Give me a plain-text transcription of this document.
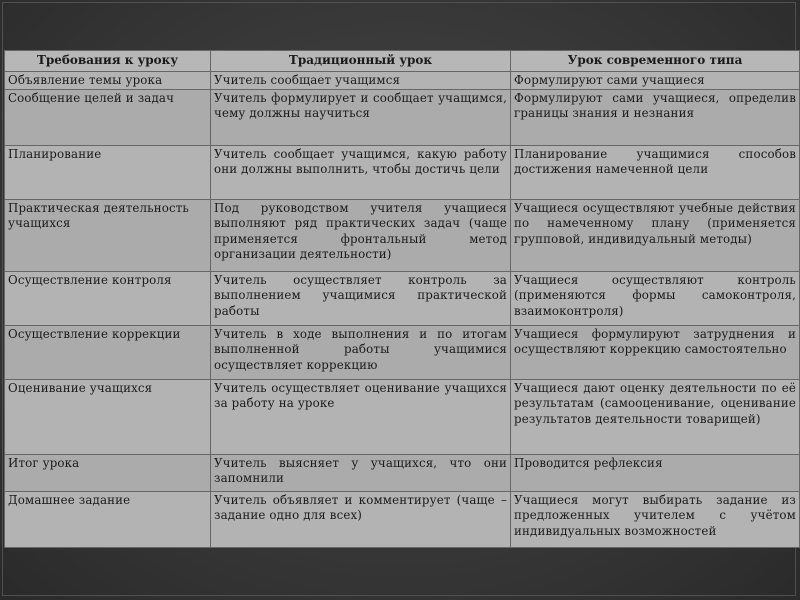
Требования к уроку	Традиционный урок	Урок современного типа
Объявление темы урока	Учитель сообщает учащимся	Формулируют сами учащиеся
Сообщение целей и задач	Учитель формулирует и сообщает учащимся, чему должны научиться	Формулируют сами учащиеся, определив границы знания и незнания
Планирование	Учитель сообщает учащимся, какую работу они должны выполнить, чтобы достичь цели	Планирование учащимися способов достижения намеченной цели
Практическая деятельность учащихся	Под руководством учителя учащиеся выполняют ряд практических задач (чаще применяется фронтальный метод организации деятельности)	Учащиеся осуществляют учебные действия по намеченному плану (применяется групповой, индивидуальный методы)
Осуществление контроля	Учитель осуществляет контроль за выполнением учащимися практической работы	Учащиеся осуществляют контроль (применяются формы самоконтроля, взаимоконтроля)
Осуществление коррекции	Учитель в ходе выполнения и по итогам выполненной работы учащимися осуществляет коррекцию	Учащиеся формулируют затруднения и осуществляют коррекцию самостоятельно
Оценивание учащихся	Учитель осуществляет оценивание учащихся за работу на уроке	Учащиеся дают оценку деятельности по её результатам (самооценивание, оценивание результатов деятельности товарищей)
Итог урока	Учитель выясняет у учащихся, что они запомнили	Проводится рефлексия
Домашнее задание	Учитель объявляет и комментирует (чаще – задание одно для всех)	Учащиеся могут выбирать задание из предложенных учителем с учётом индивидуальных возможностей
